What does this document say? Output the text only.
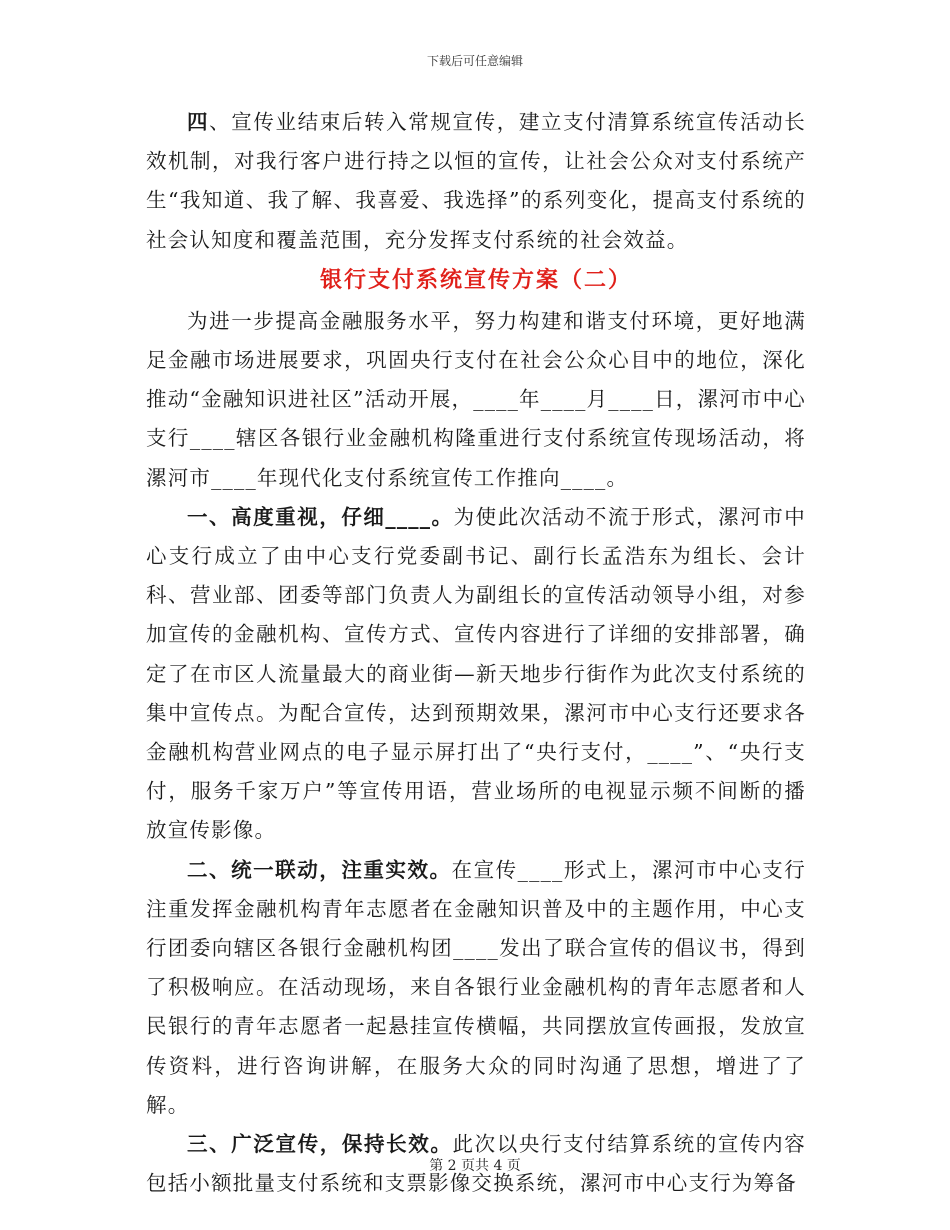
下载后可任意编辑

四、宣传业结束后转入常规宣传，建立支付清算系统宣传活动长效机制，对我行客户进行持之以恒的宣传，让社会公众对支付系统产生“我知道、我了解、我喜爱、我选择”的系列变化，提高支付系统的社会认知度和覆盖范围，充分发挥支付系统的社会效益。

银行支付系统宣传方案（二）

为进一步提高金融服务水平，努力构建和谐支付环境，更好地满足金融市场进展要求，巩固央行支付在社会公众心目中的地位，深化推动“金融知识进社区”活动开展，____年____月____日，漯河市中心支行____辖区各银行业金融机构隆重进行支付系统宣传现场活动，将漯河市____年现代化支付系统宣传工作推向____。

一、高度重视，仔细____。为使此次活动不流于形式，漯河市中心支行成立了由中心支行党委副书记、副行长孟浩东为组长、会计科、营业部、团委等部门负责人为副组长的宣传活动领导小组，对参加宣传的金融机构、宣传方式、宣传内容进行了详细的安排部署，确定了在市区人流量最大的商业街—新天地步行街作为此次支付系统的集中宣传点。为配合宣传，达到预期效果，漯河市中心支行还要求各金融机构营业网点的电子显示屏打出了“央行支付，____”、“央行支付，服务千家万户”等宣传用语，营业场所的电视显示频不间断的播放宣传影像。

二、统一联动，注重实效。在宣传____形式上，漯河市中心支行注重发挥金融机构青年志愿者在金融知识普及中的主题作用，中心支行团委向辖区各银行金融机构团____发出了联合宣传的倡议书，得到了积极响应。在活动现场，来自各银行业金融机构的青年志愿者和人民银行的青年志愿者一起悬挂宣传横幅，共同摆放宣传画报，发放宣传资料，进行咨询讲解，在服务大众的同时沟通了思想，增进了了解。

三、广泛宣传，保持长效。此次以央行支付结算系统的宣传内容包括小额批量支付系统和支票影像交换系统，漯河市中心支行为筹备

第 2 页共 4 页
